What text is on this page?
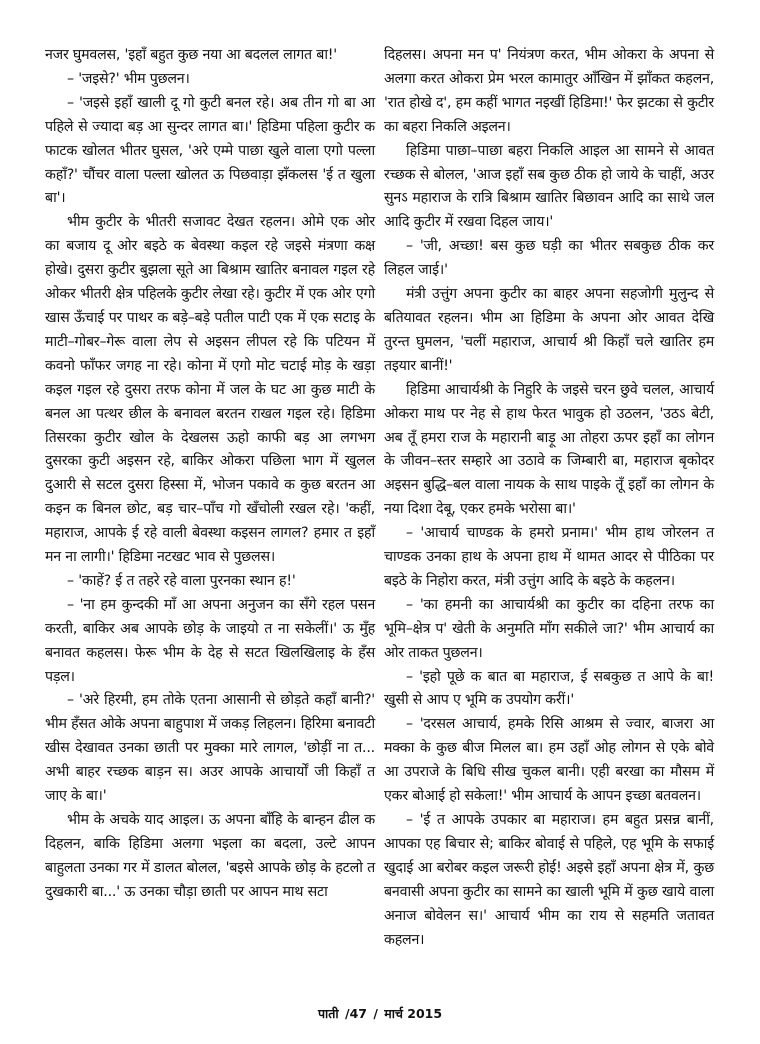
नजर घुमवलस, 'इहाँ बहुत कुछ नया आ बदलल लागत बा!'

– 'जइसे?' भीम पुछलन।

– 'जइसे इहाँ खाली दू गो कुटी बनल रहे। अब तीन गो बा आ पहिले से ज्यादा बड़ आ सुन्दर लागत बा।' हिडिमा पहिला कुटीर क फाटक खोलत भीतर घुसल, 'अरे एम्मे पाछा खुले वाला एगो पल्ला कहाँ?' चौंचर वाला पल्ला खोलत ऊ पिछवाड़ा झँकलस 'ई त खुला बा'।

भीम कुटीर के भीतरी सजावट देखत रहलन। ओमे एक ओर का बजाय दू ओर बइठे क बेवस्था कइल रहे जइसे मंत्रणा कक्ष होखे। दुसरा कुटीर बुझला सूते आ बिश्राम खातिर बनावल गइल रहे ओकर भीतरी क्षेत्र पहिलके कुटीर लेखा रहे। कुटीर में एक ओर एगो खास ऊँचाई पर पाथर क बड़े–बड़े पतील पाटी एक में एक सटाइ के माटी–गोबर–गेरू वाला लेप से अइसन लीपल रहे कि पटियन में कवनो फाँफर जगह ना रहे। कोना में एगो मोट चटाई मोड़ के खड़ा कइल गइल रहे दुसरा तरफ कोना में जल के घट आ कुछ माटी के बनल आ पत्थर छील के बनावल बरतन राखल गइल रहे। हिडिमा तिसरका कुटीर खोल के देखलस ऊहो काफी बड़ आ लगभग दुसरका कुटी अइसन रहे, बाकिर ओकरा पछिला भाग में खुलल दुआरी से सटल दुसरा हिस्सा में, भोजन पकावे क कुछ बरतन आ कइन क बिनल छोट, बड़ चार–पाँच गो खँचोली रखल रहे। 'कहीं, महाराज, आपके ई रहे वाली बेवस्था कइसन लागल? हमार त इहाँ मन ना लागी।' हिडिमा नटखट भाव से पुछलस।

– 'काहें? ई त तहरे रहे वाला पुरनका स्थान ह!'

– 'ना हम कुन्दकी माँ आ अपना अनुजन का सँगे रहल पसन करती, बाकिर अब आपके छोड़ के जाइयो त ना सकेलीं।' ऊ मुँह बनावत कहलस। फेरू भीम के देह से सटत खिलखिलाइ के हँस पड़ल।

– 'अरे हिरमी, हम तोके एतना आसानी से छोड़ते कहाँ बानी?' भीम हँसत ओके अपना बाहुपाश में जकड़ लिहलन। हिरिमा बनावटी खीस देखावत उनका छाती पर मुक्का मारे लागल, 'छोड़ीं ना त... अभी बाहर रच्छक बाड़न स। अउर आपके आचार्यों जी किहाँ त जाए के बा।'

भीम के अचके याद आइल। ऊ अपना बाँहि के बान्हन ढील क दिहलन, बाकि हिडिमा अलगा भइला का बदला, उल्टे आपन बाहुलता उनका गर में डालत बोलल, 'बइसे आपके छोड़ के हटलो त दुखकारी बा...' ऊ उनका चौड़ा छाती पर आपन माथ सटा

दिहलस। अपना मन प' नियंत्रण करत, भीम ओकरा के अपना से अलगा करत ओकरा प्रेम भरल कामातुर आँखिन में झाँकत कहलन, 'रात होखे द', हम कहीं भागत नइखीं हिडिमा!' फेर झटका से कुटीर का बहरा निकलि अइलन।

हिडिमा पाछा–पाछा बहरा निकलि आइल आ सामने से आवत रच्छक से बोलल, 'आज इहाँ सब कुछ ठीक हो जाये के चाहीं, अउर सुनऽ महाराज के रात्रि बिश्राम खातिर बिछावन आदि का साथे जल आदि कुटीर में रखवा दिहल जाय।'

– 'जी, अच्छा! बस कुछ घड़ी का भीतर सबकुछ ठीक कर लिहल जाई।'

मंत्री उत्तुंग अपना कुटीर का बाहर अपना सहजोगी मुलुन्द से बतियावत रहलन। भीम आ हिडिमा के अपना ओर आवत देखि तुरन्त घुमलन, 'चलीं महाराज, आचार्य श्री किहाँ चले खातिर हम तइयार बानीं!'

हिडिमा आचार्यश्री के निहुरि के जइसे चरन छुवे चलल, आचार्य ओकरा माथ पर नेह से हाथ फेरत भावुक हो उठलन, 'उठऽ बेटी, अब तूँ हमरा राज के महारानी बाड़ू आ तोहरा ऊपर इहाँ का लोगन के जीवन–स्तर सम्हारे आ उठावे क जिम्बारी बा, महाराज बृकोदर अइसन बुद्धि–बल वाला नायक के साथ पाइके तूँ इहाँ का लोगन के नया दिशा देबू, एकर हमके भरोसा बा।'

– 'आचार्य चाण्डक के हमरो प्रनाम।' भीम हाथ जोरलन त चाण्डक उनका हाथ के अपना हाथ में थामत आदर से पीठिका पर बइठे के निहोरा करत, मंत्री उत्तुंग आदि के बइठे के कहलन।

– 'का हमनी का आचार्यश्री का कुटीर का दहिना तरफ का भूमि–क्षेत्र प' खेती के अनुमति माँग सकीले जा?' भीम आचार्य का ओर ताकत पुछलन।

– 'इहो पूछे क बात बा महाराज, ई सबकुछ त आपे के बा! खुसी से आप ए भूमि क उपयोग करीं।'

– 'दरसल आचार्य, हमके रिसि आश्रम से ज्वार, बाजरा आ मक्का के कुछ बीज मिलल बा। हम उहाँ ओह लोगन से एके बोवे आ उपराजे के बिधि सीख चुकल बानी। एही बरखा का मौसम में एकर बोआई हो सकेला!' भीम आचार्य के आपन इच्छा बतवलन।

– 'ई त आपके उपकार बा महाराज। हम बहुत प्रसन्न बानीं, आपका एह बिचार से; बाकिर बोवाई से पहिले, एह भूमि के सफाई खुदाई आ बरोबर कइल जरूरी होई! अइसे इहाँ अपना क्षेत्र में, कुछ बनवासी अपना कुटीर का सामने का खाली भूमि में कुछ खाये वाला अनाज बोवेलन स।' आचार्य भीम का राय से सहमति जतावत कहलन।

पाती /47 / मार्च 2015
